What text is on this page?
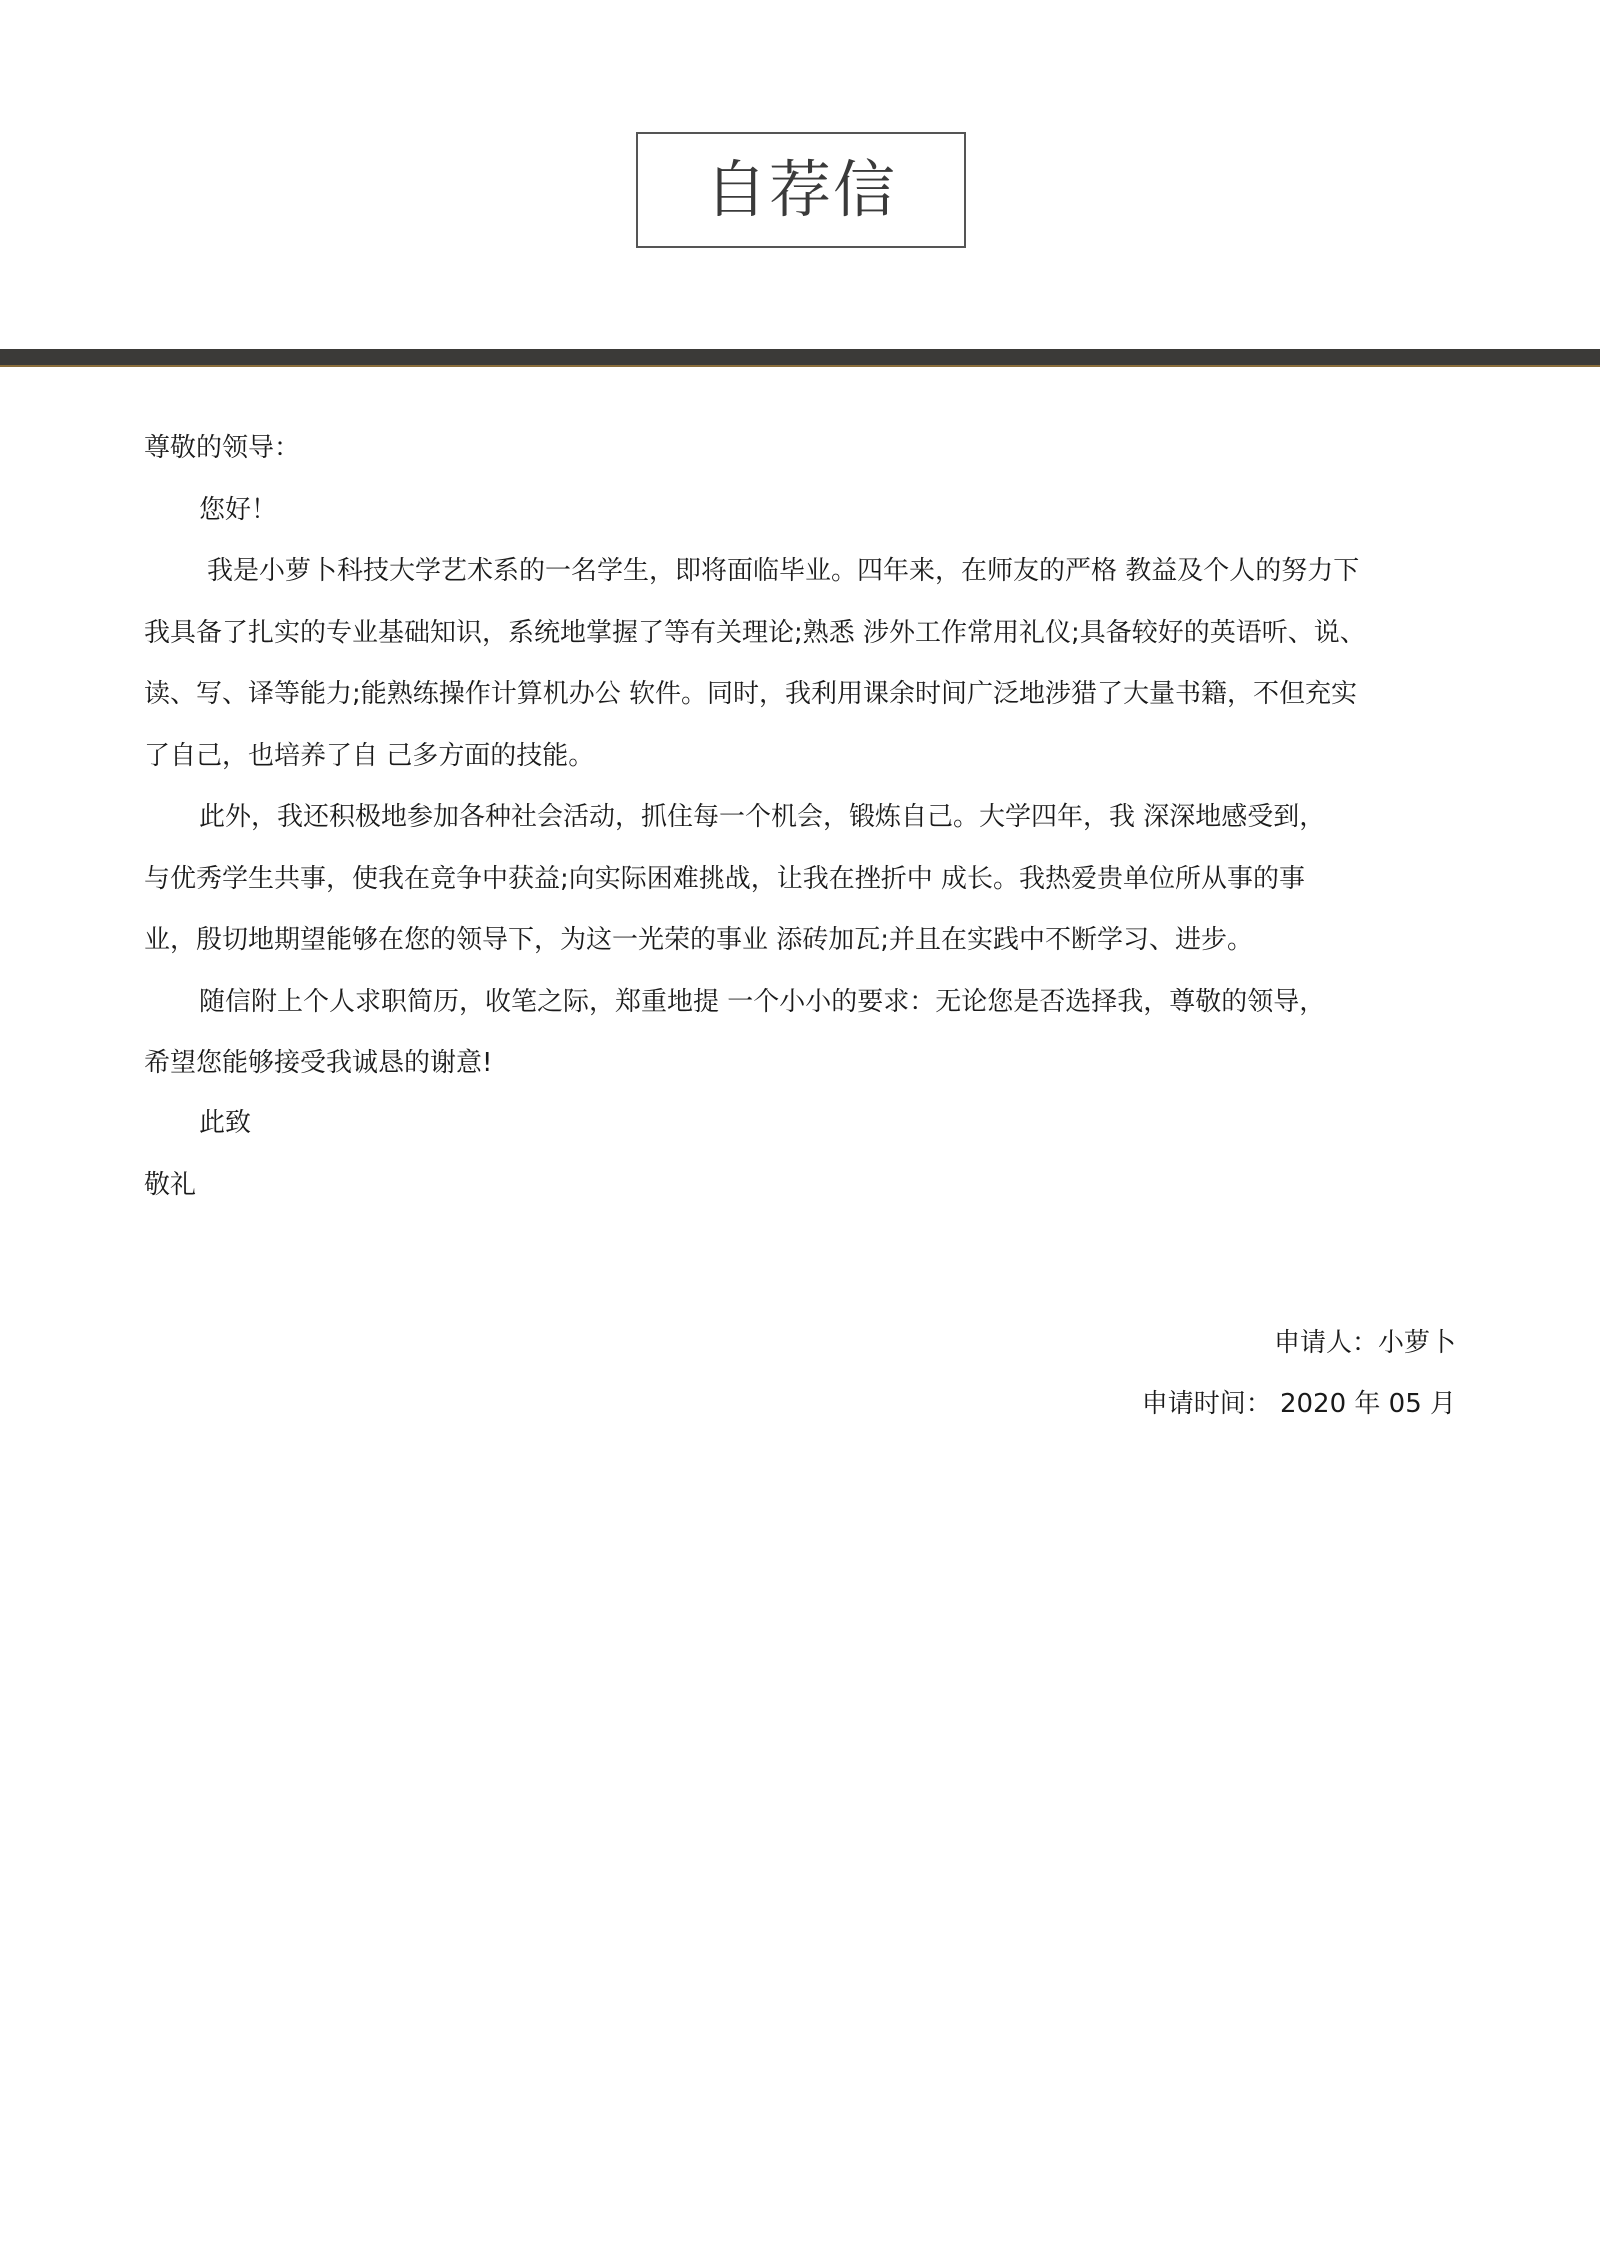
自荐信
尊敬的领导：
您好！
我是小萝卜科技大学艺术系的一名学生，即将面临毕业。四年来，在师友的严格 教益及个人的努力下
我具备了扎实的专业基础知识，系统地掌握了等有关理论;熟悉 涉外工作常用礼仪;具备较好的英语听、说、
读、写、译等能力;能熟练操作计算机办公 软件。同时，我利用课余时间广泛地涉猎了大量书籍，不但充实
了自己，也培养了自 己多方面的技能。
此外，我还积极地参加各种社会活动，抓住每一个机会，锻炼自己。大学四年，我 深深地感受到，
与优秀学生共事，使我在竞争中获益;向实际困难挑战，让我在挫折中 成长。我热爱贵单位所从事的事
业，殷切地期望能够在您的领导下，为这一光荣的事业 添砖加瓦;并且在实践中不断学习、进步。
随信附上个人求职简历，收笔之际，郑重地提 一个小小的要求：无论您是否选择我，尊敬的领导，
希望您能够接受我诚恳的谢意!
此致
敬礼
申请人：小萝卜
申请时间： 2020 年 05 月
